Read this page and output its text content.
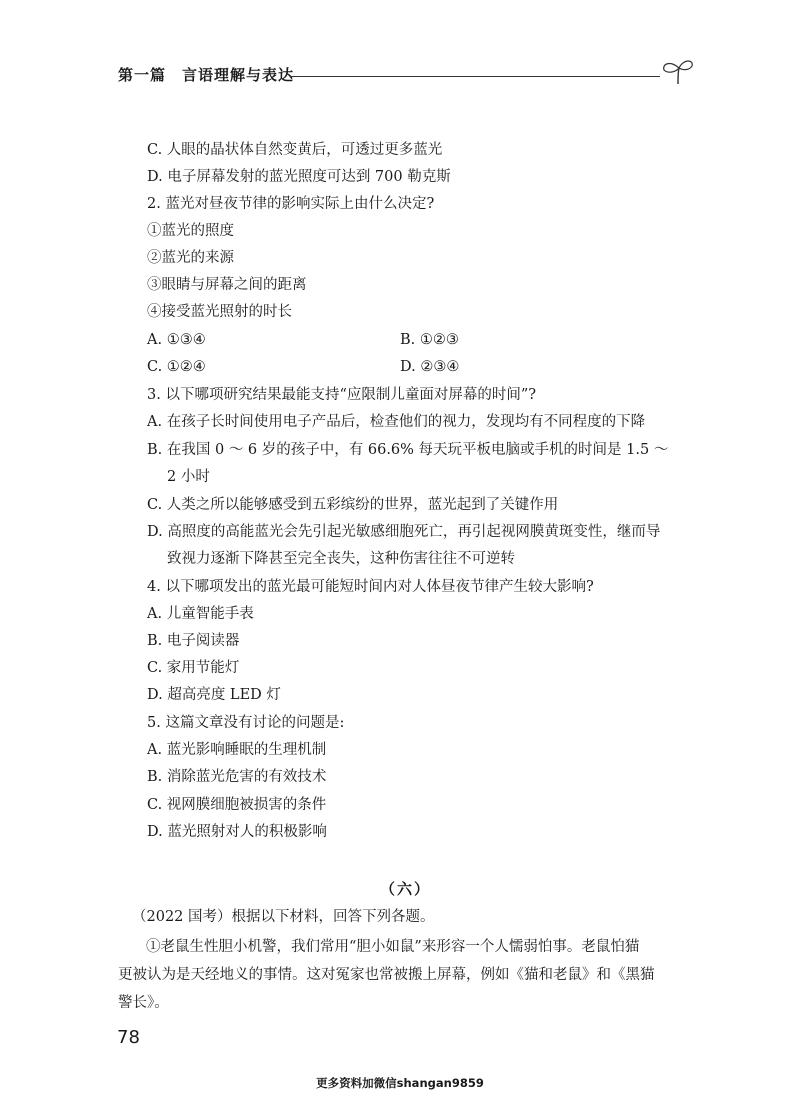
第一篇　言语理解与表达
C. 人眼的晶状体自然变黄后，可透过更多蓝光
D. 电子屏幕发射的蓝光照度可达到 700 勒克斯
2. 蓝光对昼夜节律的影响实际上由什么决定?
①蓝光的照度
②蓝光的来源
③眼睛与屏幕之间的距离
④接受蓝光照射的时长
A. ①③④	B. ①②③
C. ①②④	D. ②③④
3. 以下哪项研究结果最能支持“应限制儿童面对屏幕的时间”?
A. 在孩子长时间使用电子产品后，检查他们的视力，发现均有不同程度的下降
B. 在我国 0 ～ 6 岁的孩子中，有 66.6% 每天玩平板电脑或手机的时间是 1.5 ～
2 小时
C. 人类之所以能够感受到五彩缤纷的世界，蓝光起到了关键作用
D. 高照度的高能蓝光会先引起光敏感细胞死亡，再引起视网膜黄斑变性，继而导
致视力逐渐下降甚至完全丧失，这种伤害往往不可逆转
4. 以下哪项发出的蓝光最可能短时间内对人体昼夜节律产生较大影响?
A. 儿童智能手表
B. 电子阅读器
C. 家用节能灯
D. 超高亮度 LED 灯
5. 这篇文章没有讨论的问题是:
A. 蓝光影响睡眠的生理机制
B. 消除蓝光危害的有效技术
C. 视网膜细胞被损害的条件
D. 蓝光照射对人的积极影响
（六）
（2022 国考）根据以下材料，回答下列各题。
①老鼠生性胆小机警，我们常用“胆小如鼠”来形容一个人懦弱怕事。老鼠怕猫
更被认为是天经地义的事情。这对冤家也常被搬上屏幕，例如《猫和老鼠》和《黑猫
警长》。
78
更多资料加微信shangan9859
